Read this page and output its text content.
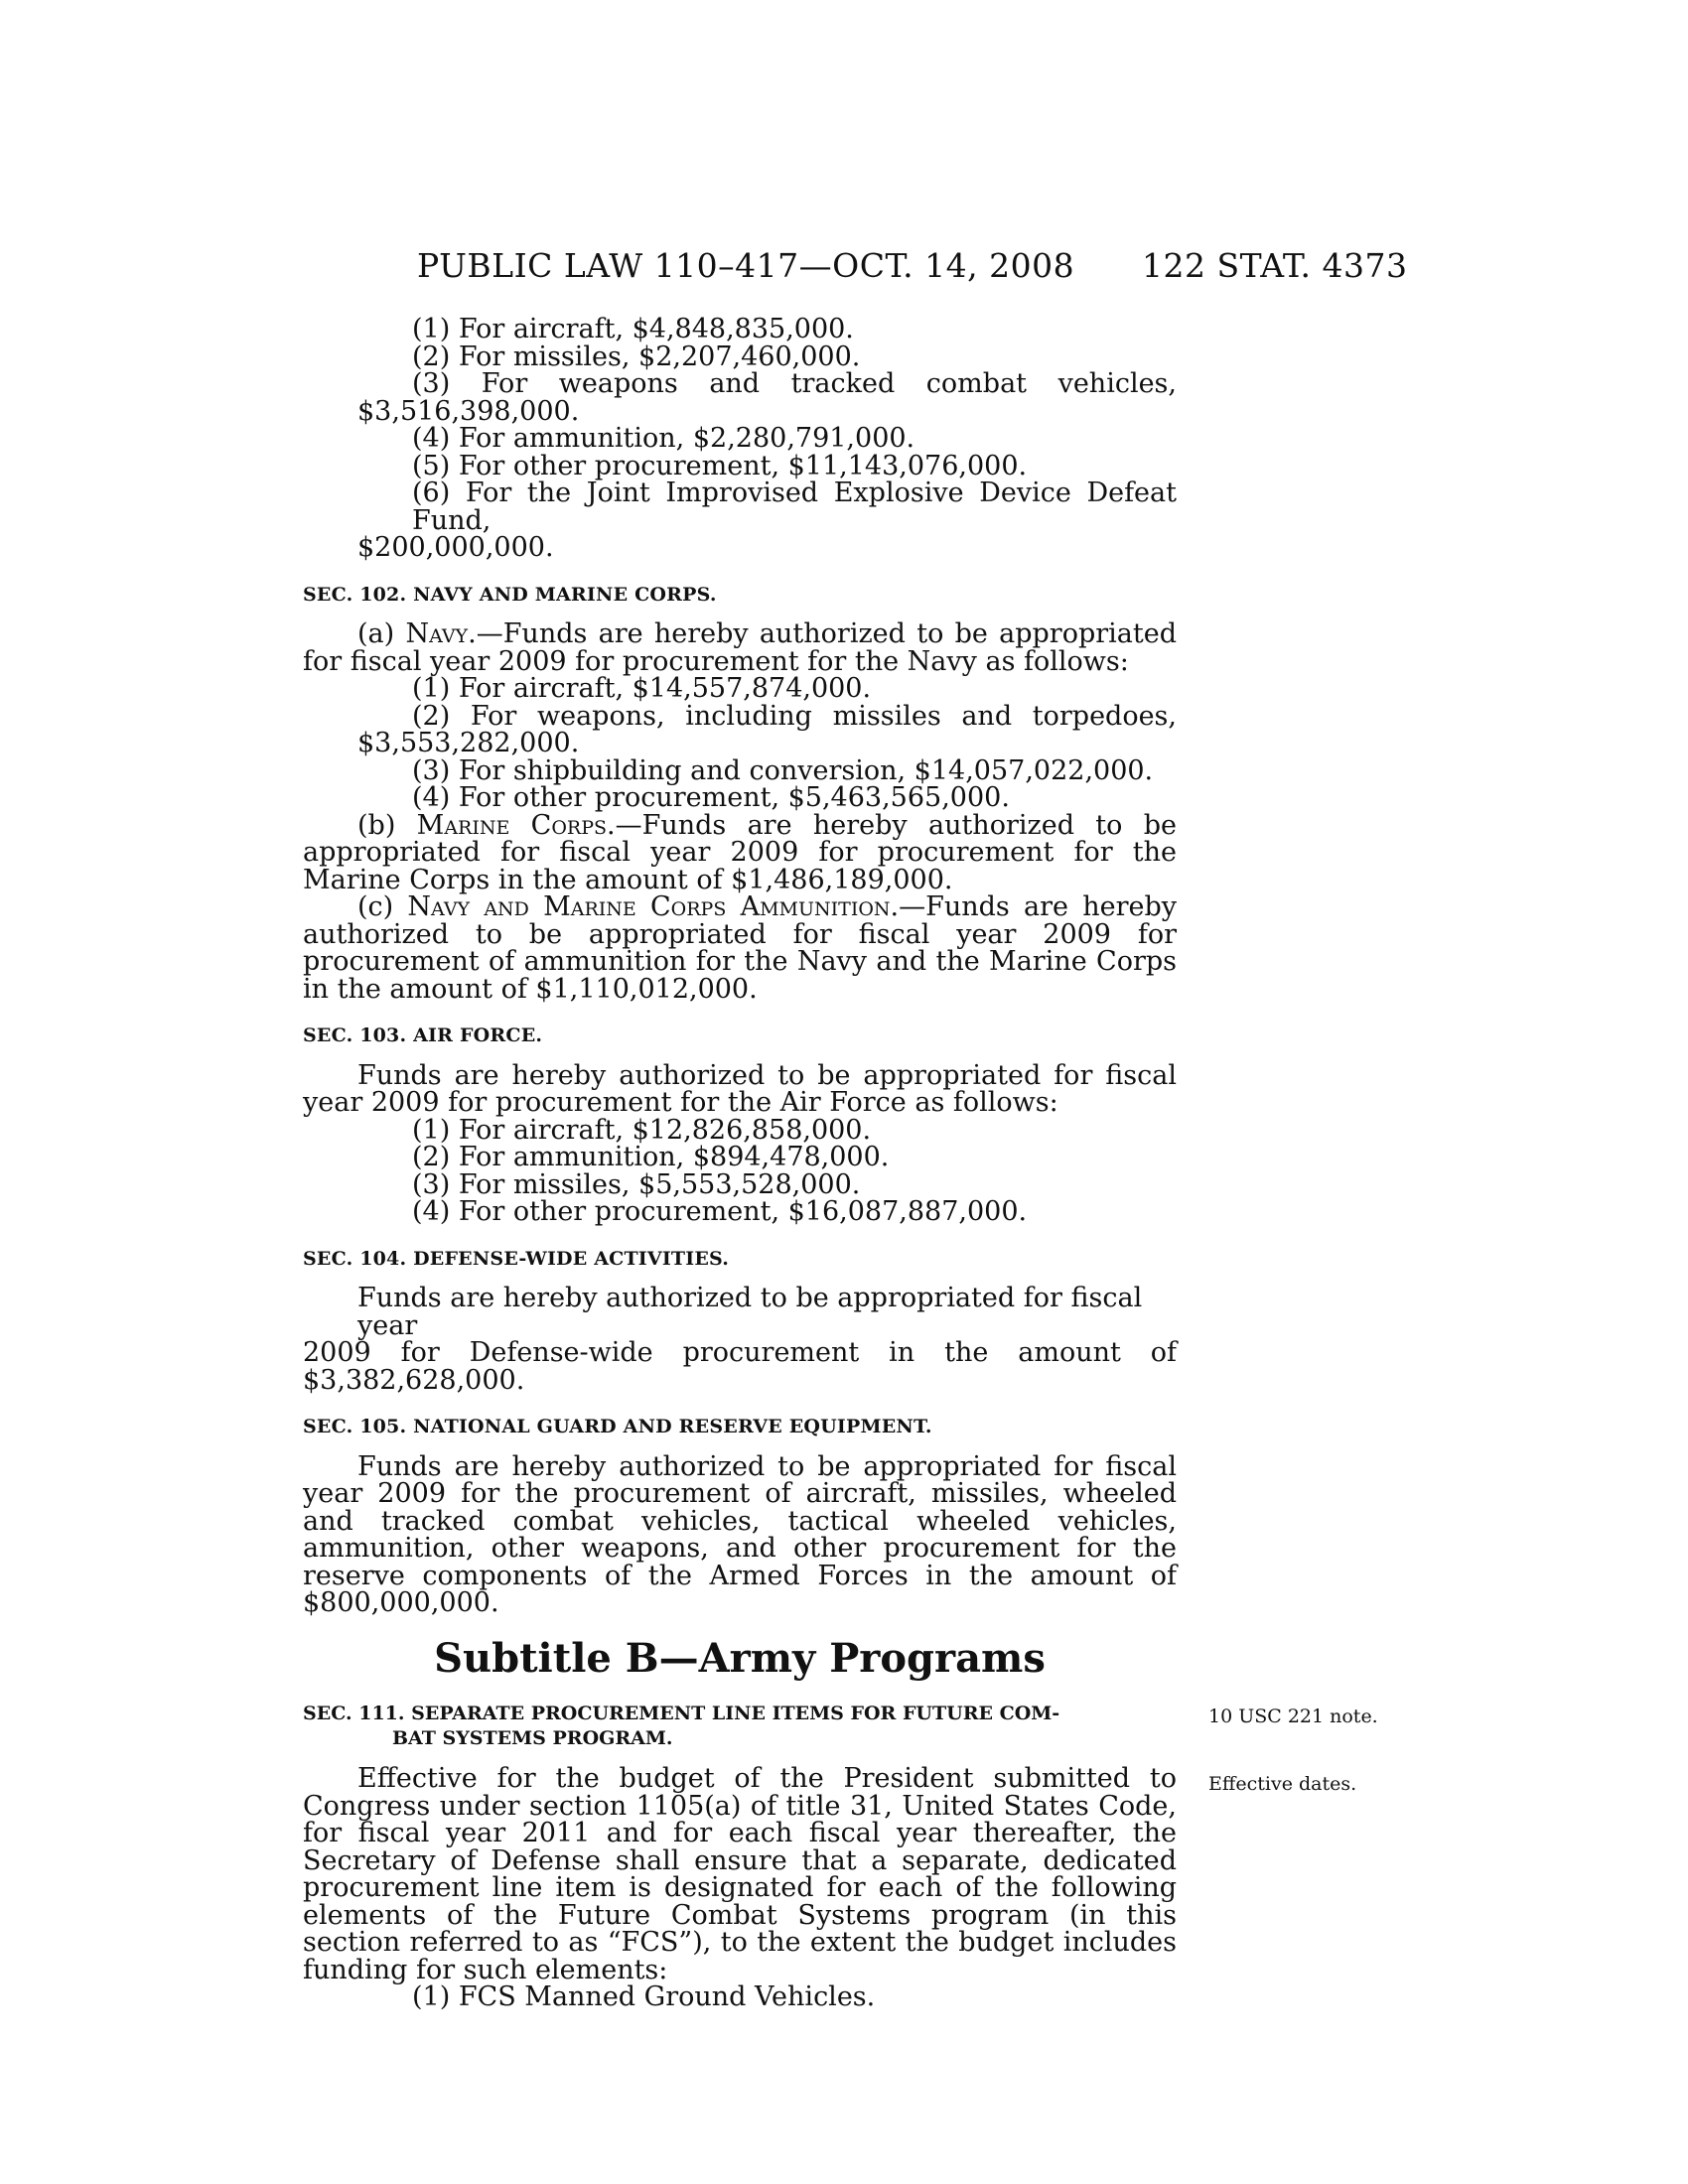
PUBLIC LAW 110–417—OCT. 14, 2008 122 STAT. 4373

(1) For aircraft, $4,848,835,000.

(2) For missiles, $2,207,460,000.

(3) For weapons and tracked combat vehicles,

$3,516,398,000.

(4) For ammunition, $2,280,791,000.

(5) For other procurement, $11,143,076,000.

(6) For the Joint Improvised Explosive Device Defeat Fund,

$200,000,000.

SEC. 102. NAVY AND MARINE CORPS.

(a) Navy.—Funds are hereby authorized to be appropriated for fiscal year 2009 for procurement for the Navy as follows:

(1) For aircraft, $14,557,874,000.

(2) For weapons, including missiles and torpedoes,

$3,553,282,000.

(3) For shipbuilding and conversion, $14,057,022,000.

(4) For other procurement, $5,463,565,000.

(b) Marine Corps.—Funds are hereby authorized to be appropriated for fiscal year 2009 for procurement for the Marine Corps in the amount of $1,486,189,000.

(c) Navy and Marine Corps Ammunition.—Funds are hereby authorized to be appropriated for fiscal year 2009 for procurement of ammunition for the Navy and the Marine Corps in the amount of $1,110,012,000.

SEC. 103. AIR FORCE.

Funds are hereby authorized to be appropriated for fiscal year 2009 for procurement for the Air Force as follows:

(1) For aircraft, $12,826,858,000.

(2) For ammunition, $894,478,000.

(3) For missiles, $5,553,528,000.

(4) For other procurement, $16,087,887,000.

SEC. 104. DEFENSE-WIDE ACTIVITIES.

Funds are hereby authorized to be appropriated for fiscal year

2009 for Defense-wide procurement in the amount of

$3,382,628,000.

SEC. 105. NATIONAL GUARD AND RESERVE EQUIPMENT.

Funds are hereby authorized to be appropriated for fiscal year 2009 for the procurement of aircraft, missiles, wheeled and tracked combat vehicles, tactical wheeled vehicles, ammunition, other weapons, and other procurement for the reserve components of the Armed Forces in the amount of $800,000,000.

Subtitle B—Army Programs
10 USC 221 note.
SEC. 111. SEPARATE PROCUREMENT LINE ITEMS FOR FUTURE COM-
BAT SYSTEMS PROGRAM.
Effective dates.

Effective for the budget of the President submitted to Congress under section 1105(a) of title 31, United States Code, for fiscal year 2011 and for each fiscal year thereafter, the Secretary of Defense shall ensure that a separate, dedicated procurement line item is designated for each of the following elements of the Future Combat Systems program (in this section referred to as “FCS”), to the extent the budget includes funding for such elements:

(1) FCS Manned Ground Vehicles.
